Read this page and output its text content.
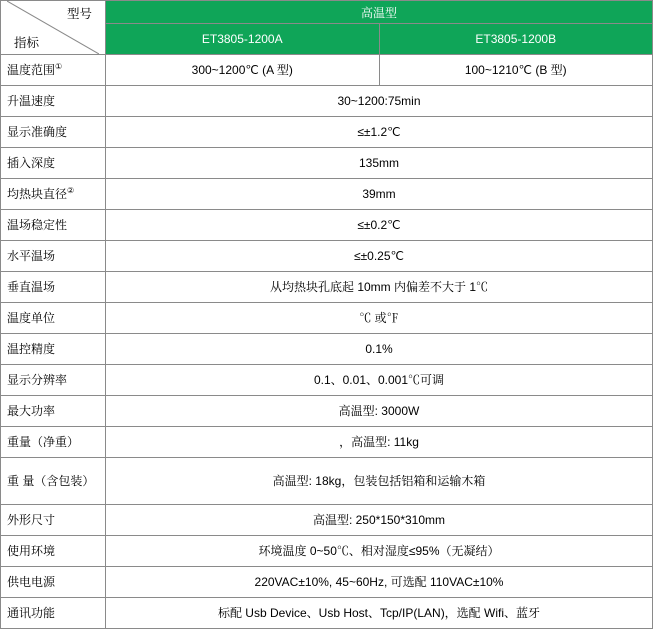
型号
指标	高温型	
	ET3805-1200A	ET3805-1200B
温度范围①	300~1200℃ (A 型)	100~1210℃ (B 型)
升温速度	30~1200:75min	
显示准确度	≤±1.2℃	
插入深度	135mm	
均热块直径②	39mm	
温场稳定性	≤±0.2℃	
水平温场	≤±0.25℃	
垂直温场	从均热块孔底起 10mm 内偏差不大于 1℃	
温度单位	℃ 或℉	
温控精度	0.1%	
显示分辨率	0.1、0.01、0.001℃可调	
最大功率	高温型: 3000W	
重量（净重）	，高温型: 11kg	
重 量（含包装）	高温型: 18kg，包装包括铝箱和运输木箱	
外形尺寸	高温型: 250*150*310mm	
使用环境	环境温度 0~50℃、相对湿度≤95%（无凝结）	
供电电源	220VAC±10%, 45~60Hz, 可选配 110VAC±10%	
通讯功能	标配 Usb Device、Usb Host、Tcp/IP(LAN)，选配 Wifi、蓝牙	
